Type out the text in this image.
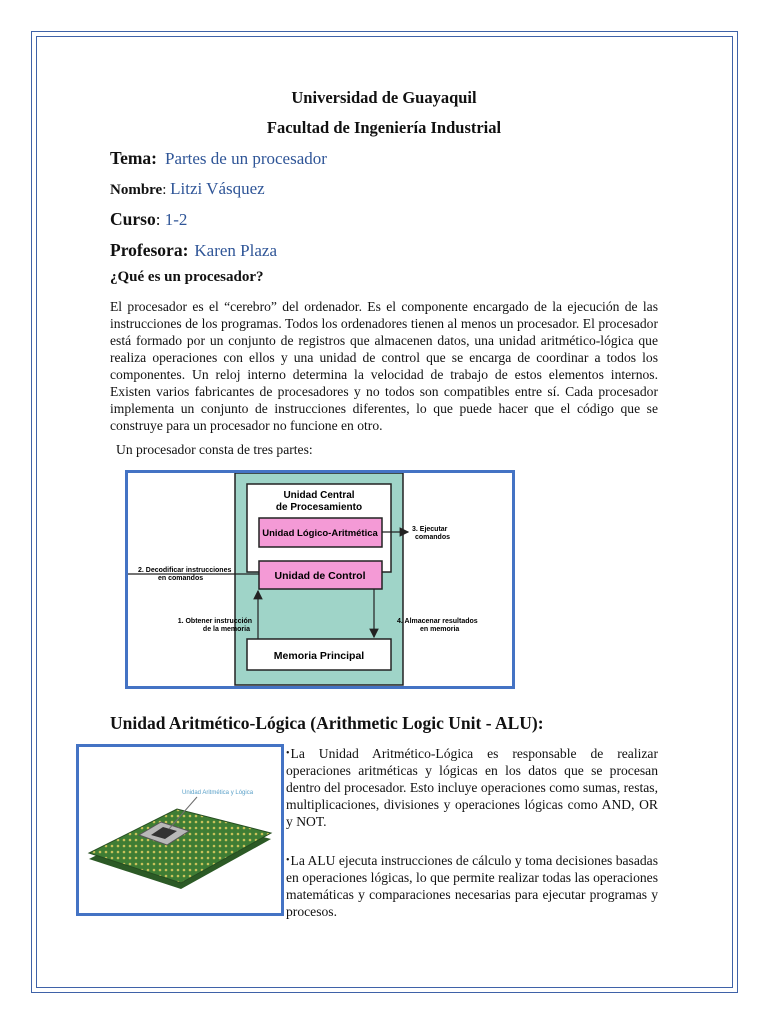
Universidad de Guayaquil
Facultad de Ingeniería Industrial
Tema: Partes de un procesador
Nombre: Litzi Vásquez
Curso: 1-2
Profesora: Karen Plaza
¿Qué es un procesador?
El procesador es el “cerebro” del ordenador. Es el componente encargado de la ejecución de las instrucciones de los programas. Todos los ordenadores tienen al menos un procesador. El procesador está formado por un conjunto de registros que almacenen datos, una unidad aritmético-lógica que realiza operaciones con ellos y una unidad de control que se encarga de coordinar a todos los componentes. Un reloj interno determina la velocidad de trabajo de estos elementos internos. Existen varios fabricantes de procesadores y no todos son compatibles entre sí. Cada procesador implementa un conjunto de instrucciones diferentes, lo que puede hacer que el código que se construye para un procesador no funcione en otro.
Un procesador consta de tres partes:
Unidad Central
de Procesamiento
Unidad Lógico-Aritmética
Unidad de Control
Memoria Principal
3. Ejecutar
comandos
2. Decodificar instrucciones
en comandos
1. Obtener instrucción
de la memoria
4. Almacenar resultados
en memoria
Unidad Aritmético-Lógica (Arithmetic Logic Unit - ALU):
Unidad Aritmética y Lógica
•La Unidad Aritmético-Lógica es responsable de realizar operaciones aritméticas y lógicas en los datos que se procesan dentro del procesador. Esto incluye operaciones como sumas, restas, multiplicaciones, divisiones y operaciones lógicas como AND, OR y NOT.
•La ALU ejecuta instrucciones de cálculo y toma decisiones basadas en operaciones lógicas, lo que permite realizar todas las operaciones matemáticas y comparaciones necesarias para ejecutar programas y procesos.
